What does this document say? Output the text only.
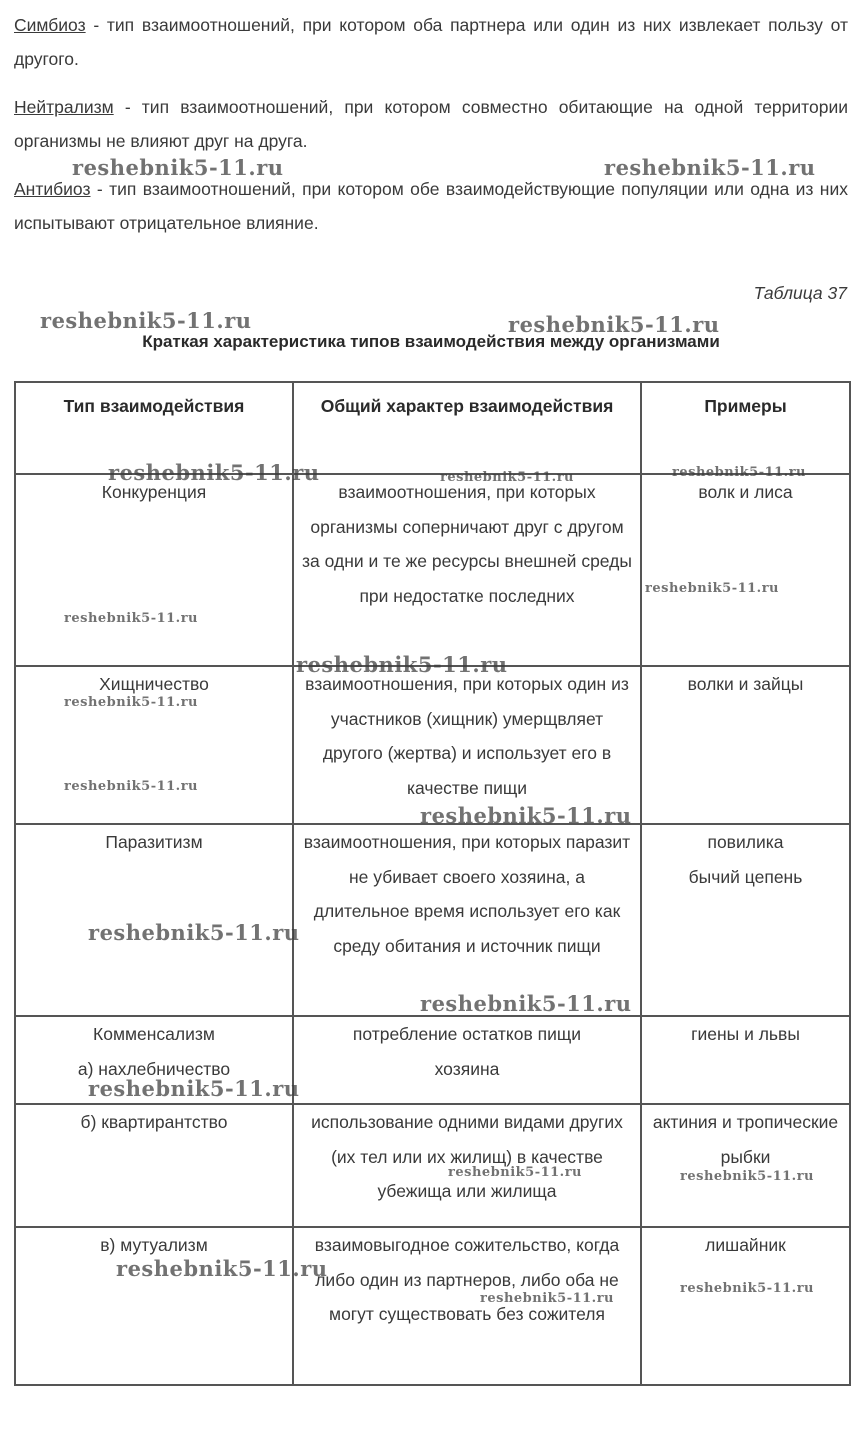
Симбиоз - тип взаимоотношений, при котором оба партнера или один из них извлекает пользу от другого.
Нейтрализм - тип взаимоотношений, при котором совместно обитающие на одной территории организмы не влияют друг на друга.
Антибиоз - тип взаимоотношений, при котором обе взаимодействующие популяции или одна из них испытывают отрицательное влияние.
Таблица 37
Краткая характеристика типов взаимодействия между организмами
Тип взаимодействия	Общий характер взаимодействия	Примеры
Конкуренция	взаимоотношения, при которых организмы соперничают друг с другом за одни и те же ресурсы внешней среды при недостатке последних	волк и лиса
Хищничество	взаимоотношения, при которых один из участников (хищник) умерщвляет другого (жертва) и использует его в качестве пищи	волки и зайцы
Паразитизм	взаимоотношения, при которых паразит не убивает своего хозяина, а длительное время использует его как среду обитания и источник пищи	повилика бычий цепень

Комменсализм
а) нахлебничество	потребление остатков пищи хозяина	гиены и львы
б) квартирантство	использование одними видами других (их тел или их жилищ) в качестве убежища или жилища	актиния и тропические рыбки
в) мутуализм	взаимовыгодное сожительство, когда либо один из партнеров, либо оба не могут существовать без сожителя	лишайник
reshebnik5-11.ru	reshebnik5-11.ru
reshebnik5-11.ru	reshebnik5-11.ru
reshebnik5-11.ru	reshebnik5-11.ru	reshebnik5-11.ru
reshebnik5-11.ru
reshebnik5-11.ru
reshebnik5-11.ru
reshebnik5-11.ru
reshebnik5-11.ru
reshebnik5-11.ru
reshebnik5-11.ru
reshebnik5-11.ru
reshebnik5-11.ru
reshebnik5-11.ru	reshebnik5-11.ru
reshebnik5-11.ru
reshebnik5-11.ru
reshebnik5-11.ru
